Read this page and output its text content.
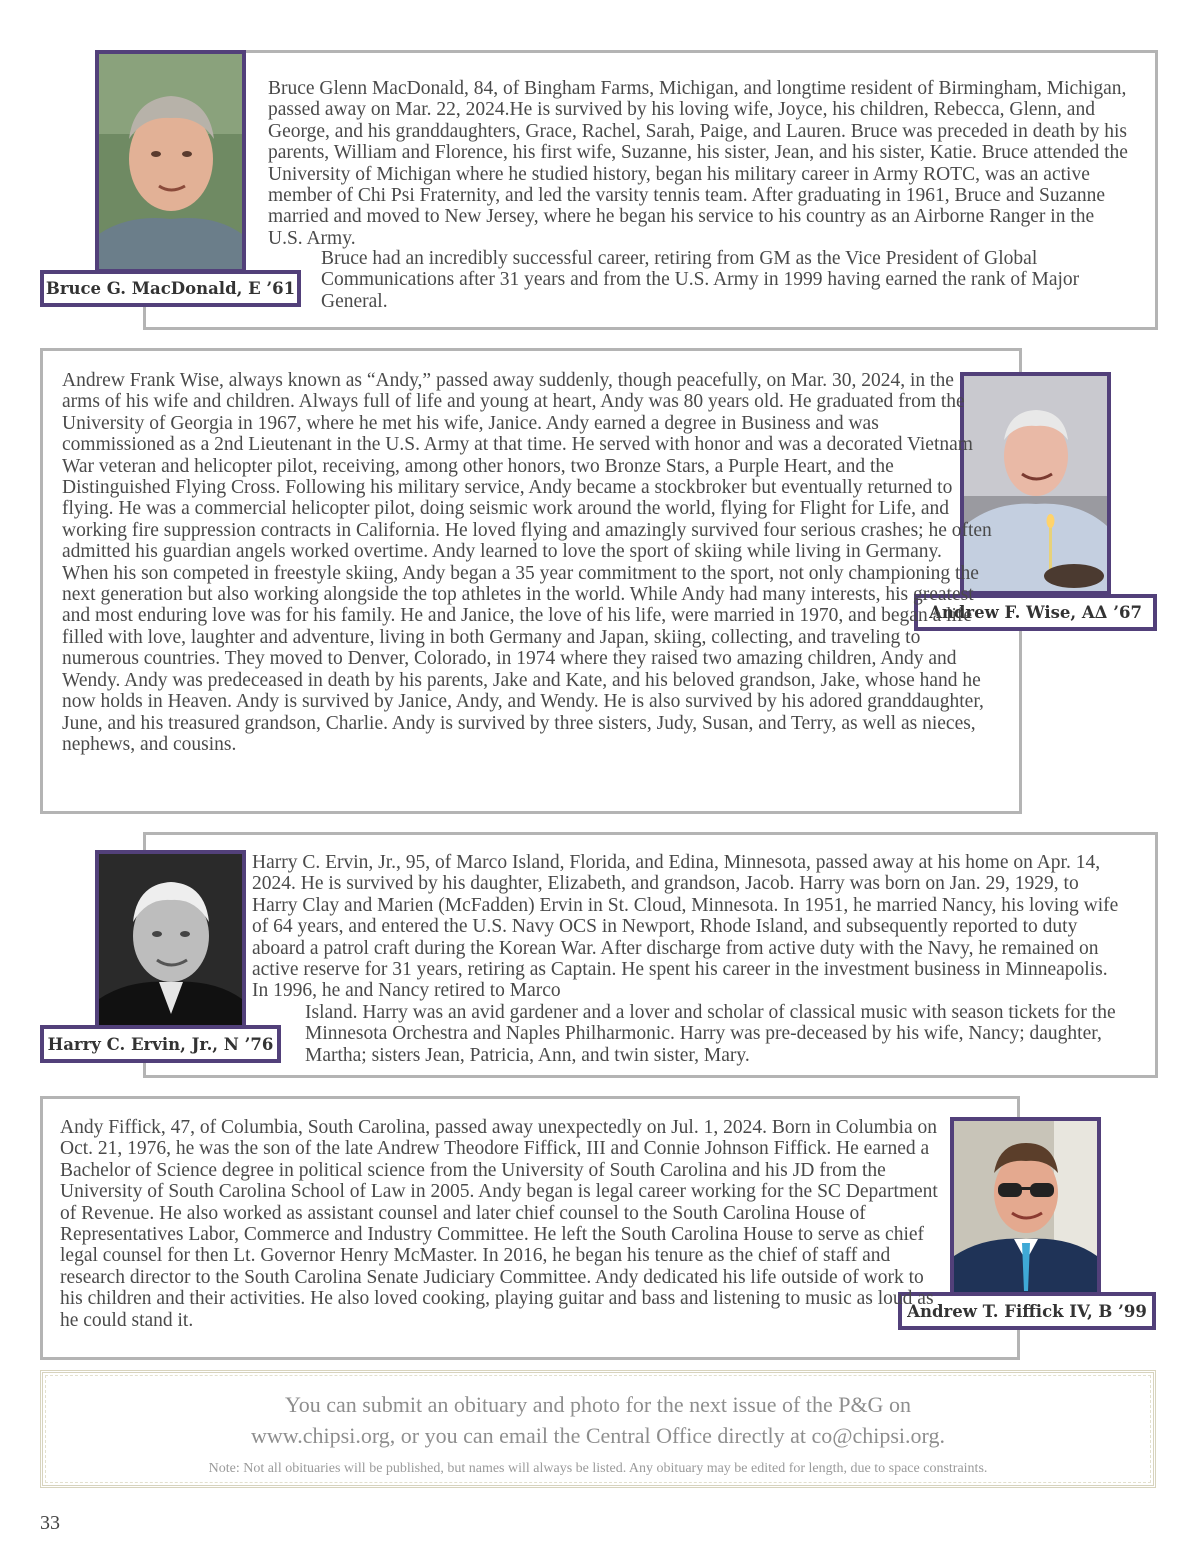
Bruce G. MacDonald, E ’61

Bruce Glenn MacDonald, 84, of Bingham Farms, Michigan, and longtime resident of Birmingham, Michigan, passed away on Mar. 22, 2024.He is survived by his loving wife, Joyce, his children, Rebecca, Glenn, and George, and his granddaughters, Grace, Rachel, Sarah, Paige, and Lauren. Bruce was preceded in death by his parents, William and Florence, his first wife, Suzanne, his sister, Jean, and his sister, Katie. Bruce attended the University of Michigan where he studied history, began his military career in Army ROTC, was an active member of Chi Psi Fraternity, and led the varsity tennis team. After graduating in 1961, Bruce and Suzanne married and moved to New Jersey, where he began his service to his country as an Airborne Ranger in the U.S. Army.

Bruce had an incredibly successful career, retiring from GM as the Vice President of Global Communications after 31 years and from the U.S. Army in 1999 having earned the rank of Major General.

Andrew F. Wise, AΔ ’67

Andrew Frank Wise, always known as “Andy,” passed away suddenly, though peacefully, on Mar. 30, 2024, in the arms of his wife and children. Always full of life and young at heart, Andy was 80 years old. He graduated from the University of Georgia in 1967, where he met his wife, Janice. Andy earned a degree in Business and was commissioned as a 2nd Lieutenant in the U.S. Army at that time. He served with honor and was a decorated Vietnam War veteran and helicopter pilot, receiving, among other honors, two Bronze Stars, a Purple Heart, and the Distinguished Flying Cross. Following his military service, Andy became a stockbroker but eventually returned to flying. He was a commercial helicopter pilot, doing seismic work around the world, flying for Flight for Life, and working fire suppression contracts in California. He loved flying and amazingly survived four serious crashes; he often admitted his guardian angels worked overtime. Andy learned to love the sport of skiing while living in Germany. When his son competed in freestyle skiing, Andy began a 35 year commitment to the sport, not only championing the next generation but also working alongside the top athletes in the world. While Andy had many interests, his greatest and most enduring love was for his family. He and Janice, the love of his life, were married in 1970, and began a life filled with love, laughter and adventure, living in both Germany and Japan, skiing, collecting, and traveling to numerous countries. They moved to Denver, Colorado, in 1974 where they raised two amazing children, Andy and Wendy. Andy was predeceased in death by his parents, Jake and Kate, and his beloved grandson, Jake, whose hand he now holds in Heaven. Andy is survived by Janice, Andy, and Wendy. He is also survived by his adored granddaughter, June, and his treasured grandson, Charlie. Andy is survived by three sisters, Judy, Susan, and Terry, as well as nieces, nephews, and cousins.

Harry C. Ervin, Jr., N ’76

Harry C. Ervin, Jr., 95, of Marco Island, Florida, and Edina, Minnesota, passed away at his home on Apr. 14, 2024. He is survived by his daughter, Elizabeth, and grandson, Jacob. Harry was born on Jan. 29, 1929, to Harry Clay and Marien (McFadden) Ervin in St. Cloud, Minnesota. In 1951, he married Nancy, his loving wife of 64 years, and entered the U.S. Navy OCS in Newport, Rhode Island, and subsequently reported to duty aboard a patrol craft during the Korean War. After discharge from active duty with the Navy, he remained on active reserve for 31 years, retiring as Captain. He spent his career in the investment business in Minneapolis. In 1996, he and Nancy retired to Marco

Island. Harry was an avid gardener and a lover and scholar of classical music with season tickets for the Minnesota Orchestra and Naples Philharmonic. Harry was pre-deceased by his wife, Nancy; daughter, Martha; sisters Jean, Patricia, Ann, and twin sister, Mary.

Andrew T. Fiffick IV, B ’99

Andy Fiffick, 47, of Columbia, South Carolina, passed away unexpectedly on Jul. 1, 2024. Born in Columbia on Oct. 21, 1976, he was the son of the late Andrew Theodore Fiffick, III and Connie Johnson Fiffick. He earned a Bachelor of Science degree in political science from the University of South Carolina and his JD from the University of South Carolina School of Law in 2005. Andy began is legal career working for the SC Department of Revenue. He also worked as assistant counsel and later chief counsel to the South Carolina House of Representatives Labor, Commerce and Industry Committee. He left the South Carolina House to serve as chief legal counsel for then Lt. Governor Henry McMaster. In 2016, he began his tenure as the chief of staff and research director to the South Carolina Senate Judiciary Committee. Andy dedicated his life outside of work to his children and their activities. He also loved cooking, playing guitar and bass and listening to music as loud as he could stand it.

You can submit an obituary and photo for the next issue of the P&G on

www.chipsi.org, or you can email the Central Office directly at co@chipsi.org.

Note: Not all obituaries will be published, but names will always be listed. Any obituary may be edited for length, due to space constraints.

33
